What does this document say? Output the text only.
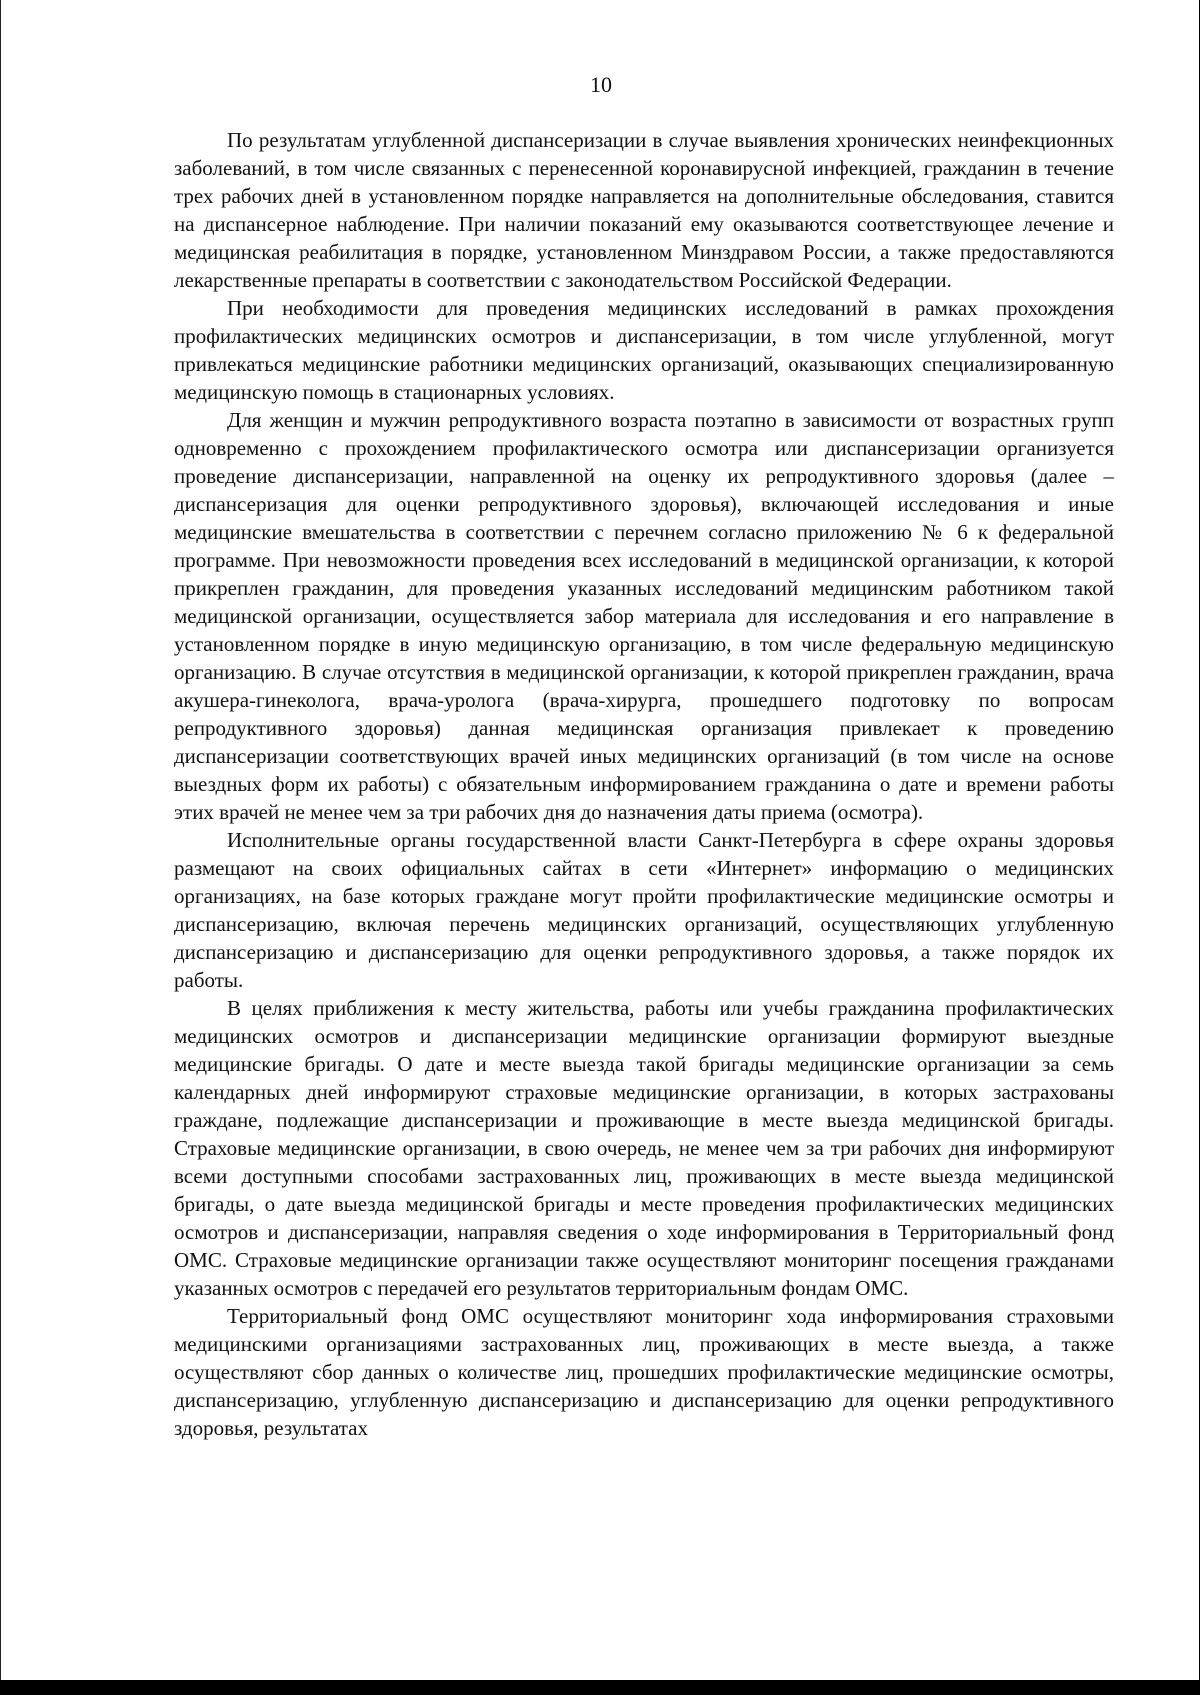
10

По результатам углубленной диспансеризации в случае выявления хронических неинфекционных заболеваний, в том числе связанных с перенесенной коронавирусной инфекцией, гражданин в течение трех рабочих дней в установленном порядке направляется на дополнительные обследования, ставится на диспансерное наблюдение. При наличии показаний ему оказываются соответствующее лечение и медицинская реабилитация в порядке, установленном Минздравом России, а также предоставляются лекарственные препараты в соответствии с законодательством Российской Федерации.

При необходимости для проведения медицинских исследований в рамках прохождения профилактических медицинских осмотров и диспансеризации, в том числе углубленной, могут привлекаться медицинские работники медицинских организаций, оказывающих специализированную медицинскую помощь в стационарных условиях.

Для женщин и мужчин репродуктивного возраста поэтапно в зависимости от возрастных групп одновременно с прохождением профилактического осмотра или диспансеризации организуется проведение диспансеризации, направленной на оценку их репродуктивного здоровья (далее – диспансеризация для оценки репродуктивного здоровья), включающей исследования и иные медицинские вмешательства в соответствии с перечнем согласно приложению № 6 к федеральной программе. При невозможности проведения всех исследований в медицинской организации, к которой прикреплен гражданин, для проведения указанных исследований медицинским работником такой медицинской организации, осуществляется забор материала для исследования и его направление в установленном порядке в иную медицинскую организацию, в том числе федеральную медицинскую организацию. В случае отсутствия в медицинской организации, к которой прикреплен гражданин, врача акушера-гинеколога, врача-уролога (врача-хирурга, прошедшего подготовку по вопросам репродуктивного здоровья) данная медицинская организация привлекает к проведению диспансеризации соответствующих врачей иных медицинских организаций (в том числе на основе выездных форм их работы) с обязательным информированием гражданина о дате и времени работы этих врачей не менее чем за три рабочих дня до назначения даты приема (осмотра).

Исполнительные органы государственной власти Санкт-Петербурга в сфере охраны здоровья размещают на своих официальных сайтах в сети «Интернет» информацию о медицинских организациях, на базе которых граждане могут пройти профилактические медицинские осмотры и диспансеризацию, включая перечень медицинских организаций, осуществляющих углубленную диспансеризацию и диспансеризацию для оценки репродуктивного здоровья, а также порядок их работы.

В целях приближения к месту жительства, работы или учебы гражданина профилактических медицинских осмотров и диспансеризации медицинские организации формируют выездные медицинские бригады. О дате и месте выезда такой бригады медицинские организации за семь календарных дней информируют страховые медицинские организации, в которых застрахованы граждане, подлежащие диспансеризации и проживающие в месте выезда медицинской бригады. Страховые медицинские организации, в свою очередь, не менее чем за три рабочих дня информируют всеми доступными способами застрахованных лиц, проживающих в месте выезда медицинской бригады, о дате выезда медицинской бригады и месте проведения профилактических медицинских осмотров и диспансеризации, направляя сведения о ходе информирования в Территориальный фонд ОМС. Страховые медицинские организации также осуществляют мониторинг посещения гражданами указанных осмотров с передачей его результатов территориальным фондам ОМС.

Территориальный фонд ОМС осуществляют мониторинг хода информирования страховыми медицинскими организациями застрахованных лиц, проживающих в месте выезда, а также осуществляют сбор данных о количестве лиц, прошедших профилактические медицинские осмотры, диспансеризацию, углубленную диспансеризацию и диспансеризацию для оценки репродуктивного здоровья, результатах
